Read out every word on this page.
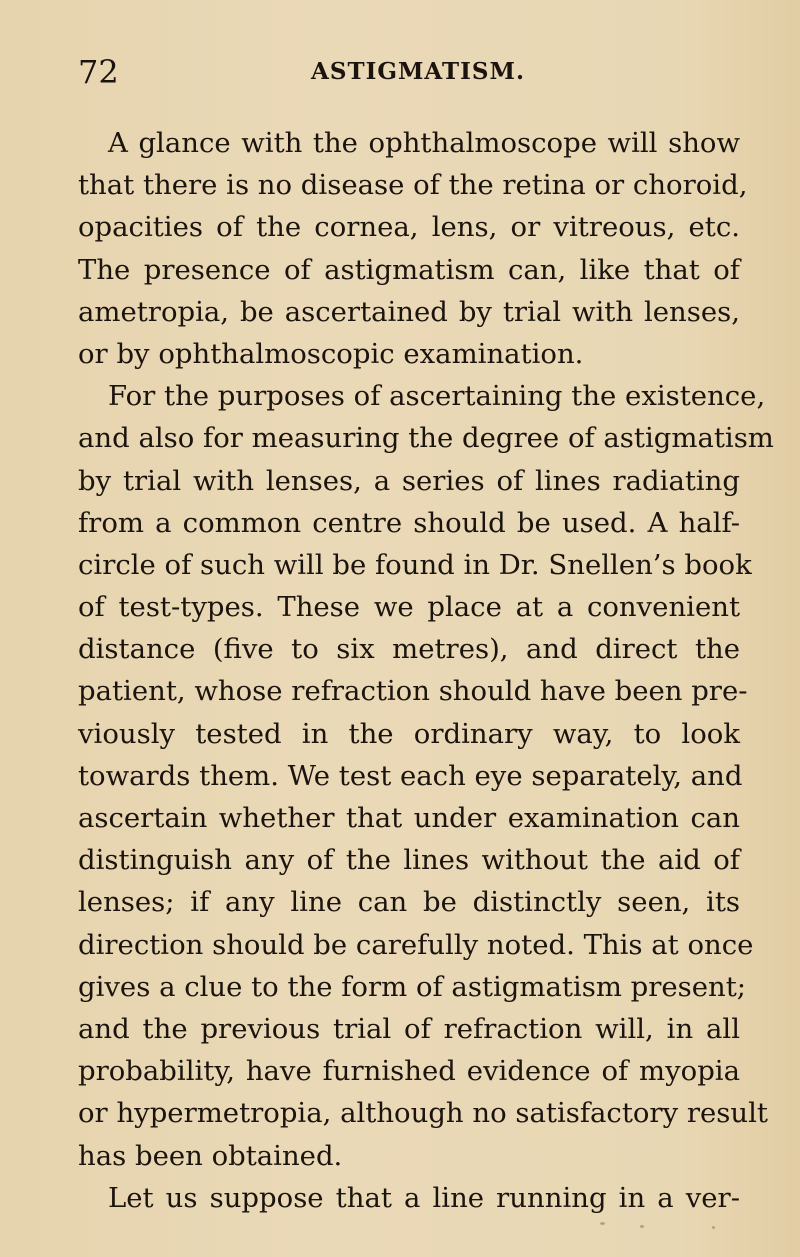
72	ASTIGMATISM.
A glance with the ophthalmoscope will show
that there is no disease of the retina or choroid,
opacities of the cornea, lens, or vitreous, etc.
The presence of astigmatism can, like that of
ametropia, be ascertained by trial with lenses,
or by ophthalmoscopic examination.
For the purposes of ascertaining the existence,
and also for measuring the degree of astigmatism
by trial with lenses, a series of lines radiating
from a common centre should be used. A half-
circle of such will be found in Dr. Snellen’s book
of test-types. These we place at a convenient
distance (five to six metres), and direct the
patient, whose refraction should have been pre-
viously tested in the ordinary way, to look
towards them. We test each eye separately, and
ascertain whether that under examination can
distinguish any of the lines without the aid of
lenses; if any line can be distinctly seen, its
direction should be carefully noted. This at once
gives a clue to the form of astigmatism present;
and the previous trial of refraction will, in all
probability, have furnished evidence of myopia
or hypermetropia, although no satisfactory result
has been obtained.
Let us suppose that a line running in a ver-
